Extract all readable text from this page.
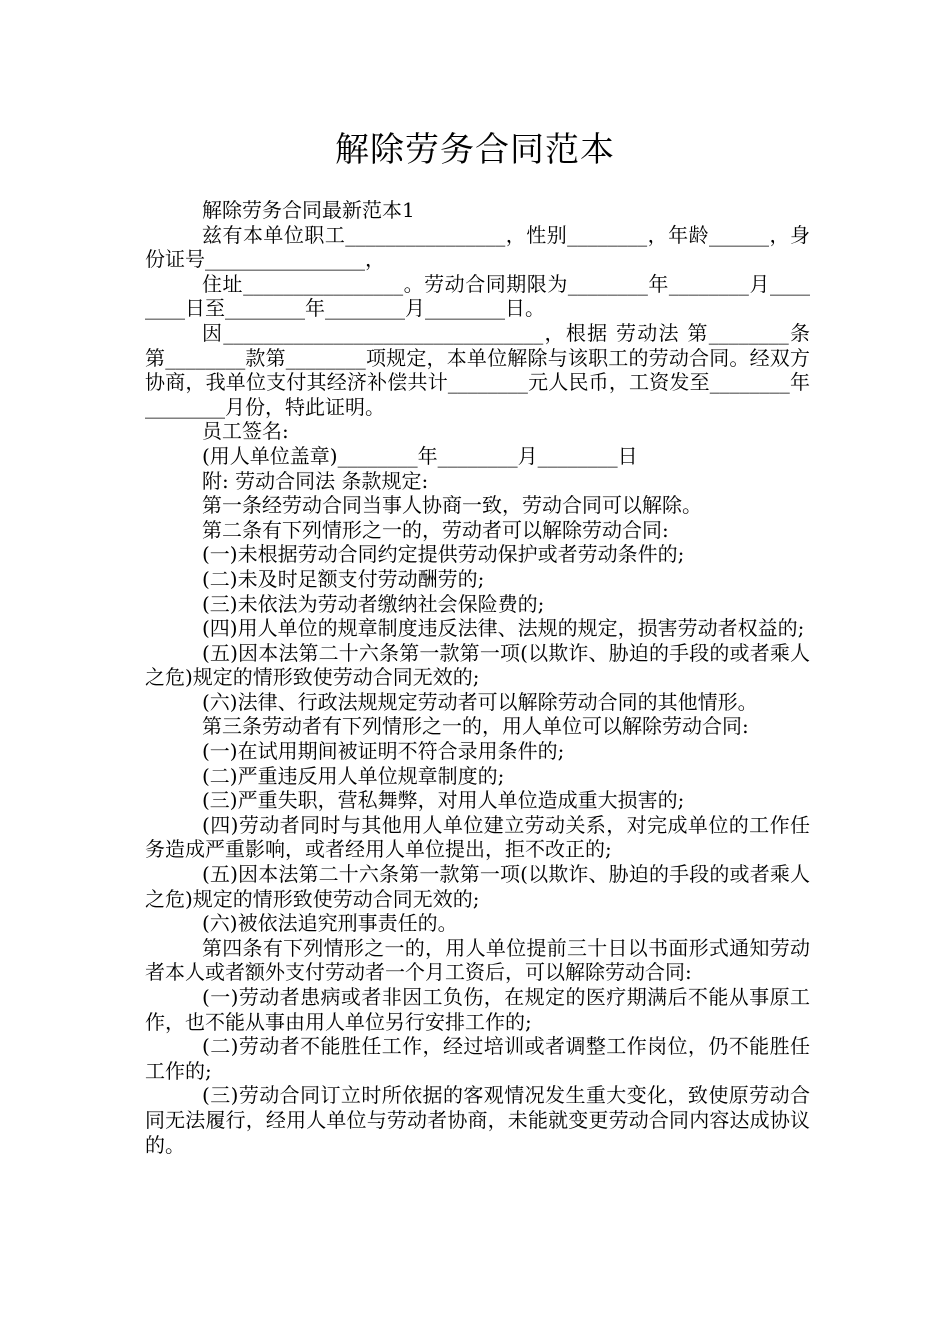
解除劳务合同范本

解除劳务合同最新范本1

兹有本单位职工________________，性别________，年龄______，身份证号________________，

住址________________。劳动合同期限为________年________月________日至________年________月________日。

因________________________________，根据 劳动法 第________条第________款第________项规定，本单位解除与该职工的劳动合同。经双方协商，我单位支付其经济补偿共计________元人民币，工资发至________年________月份，特此证明。

员工签名:

(用人单位盖章)________年________月________日

附: 劳动合同法 条款规定:

第一条经劳动合同当事人协商一致，劳动合同可以解除。

第二条有下列情形之一的，劳动者可以解除劳动合同:

(一)未根据劳动合同约定提供劳动保护或者劳动条件的;

(二)未及时足额支付劳动酬劳的;

(三)未依法为劳动者缴纳社会保险费的;

(四)用人单位的规章制度违反法律、法规的规定，损害劳动者权益的;

(五)因本法第二十六条第一款第一项(以欺诈、胁迫的手段的或者乘人之危)规定的情形致使劳动合同无效的;

(六)法律、行政法规规定劳动者可以解除劳动合同的其他情形。

第三条劳动者有下列情形之一的，用人单位可以解除劳动合同:

(一)在试用期间被证明不符合录用条件的;

(二)严重违反用人单位规章制度的;

(三)严重失职，营私舞弊，对用人单位造成重大损害的;

(四)劳动者同时与其他用人单位建立劳动关系，对完成单位的工作任务造成严重影响，或者经用人单位提出，拒不改正的;

(五)因本法第二十六条第一款第一项(以欺诈、胁迫的手段的或者乘人之危)规定的情形致使劳动合同无效的;

(六)被依法追究刑事责任的。

第四条有下列情形之一的，用人单位提前三十日以书面形式通知劳动者本人或者额外支付劳动者一个月工资后，可以解除劳动合同:

(一)劳动者患病或者非因工负伤，在规定的医疗期满后不能从事原工作，也不能从事由用人单位另行安排工作的;

(二)劳动者不能胜任工作，经过培训或者调整工作岗位，仍不能胜任工作的;

(三)劳动合同订立时所依据的客观情况发生重大变化，致使原劳动合同无法履行，经用人单位与劳动者协商，未能就变更劳动合同内容达成协议的。
